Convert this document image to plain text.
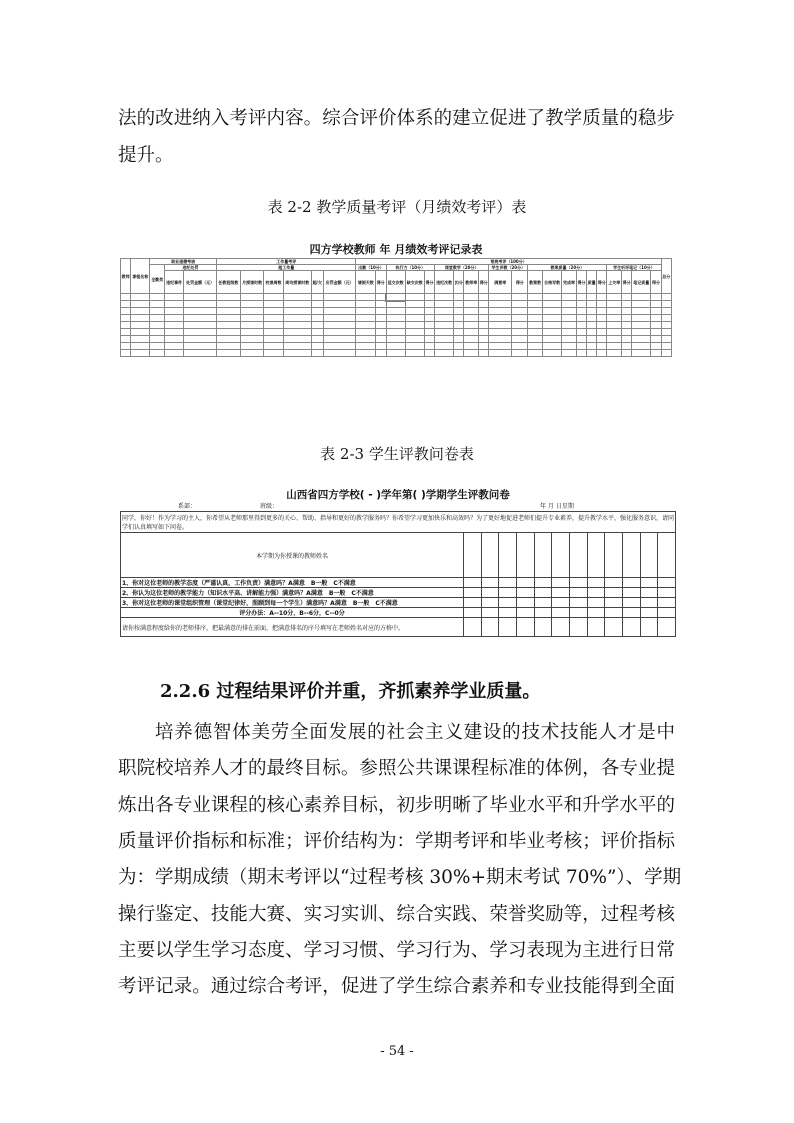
法的改进纳入考评内容。综合评价体系的建立促进了教学质量的稳步
提升。
表 2-2 教学质量考评（月绩效考评）表
四方学校教师 年 月绩效考评记录表
教师	课程名称	职业道德考核			工作量考评						常规考评（100分）																					总分
		全勤奖	违纪处罚		超工作量						出勤（10分）		执行力（10分）			课堂教学（20分）				学生评教（20分）		教案质量（20分）						学生听评笔记（10分）				
			违纪事件	处罚金额（元）	任教班级数	月授课时数	校课周数	周均授课时数	超/欠	应罚金额（元）	请假天数	得分	延交次数	缺交次数	得分	违纪次数	扣分	教师率	得分	满意率	得分	教案数	合格写数	完成率	得分	质量	得分	上交率	得分	笔记质量	得分	

表 2-3 学生评教问卷表
山西省四方学校( - )学年第( )学期学生评教问卷
系部：	班级：	年 月 日星期
同学，你好！作为学习的主人，你希望从老师那里得到更多的关心、帮助、指导和更好的教学服务吗？你希望学习更加快乐和高效吗？为了更好地促进老师们提升专业素养，提升教学水平，强化服务意识，请同学们认真填写如下问卷。												
本学期为你授课的教师姓名												
1、你对这位老师的教学态度（严谨认真，工作负责）满意吗？A满意　B一般　C不满意												
2、你认为这位老师的教学能力（知识水平高、讲解能力强）满意吗？A满意　B一般　C不满意												
3、你对这位老师的课堂组织管理（课堂纪律好，照顾到每一个学生）满意吗？A满意　B一般　C不满意												
评分办法：A--10分，B--6分，C--0分												
请你按满意程度给你的老师排序，把最满意的排在前面，把满意排名的序号填写在老师姓名对应的方格中。												
2.2.6 过程结果评价并重，齐抓素养学业质量。
培养德智体美劳全面发展的社会主义建设的技术技能人才是中
职院校培养人才的最终目标。参照公共课课程标准的体例，各专业提
炼出各专业课程的核心素养目标，初步明晰了毕业水平和升学水平的
质量评价指标和标准；评价结构为：学期考评和毕业考核；评价指标
为：学期成绩（期末考评以“过程考核 30%+期末考试 70%”）、学期
操行鉴定、技能大赛、实习实训、综合实践、荣誉奖励等，过程考核
主要以学生学习态度、学习习惯、学习行为、学习表现为主进行日常
考评记录。通过综合考评，促进了学生综合素养和专业技能得到全面
- 54 -
